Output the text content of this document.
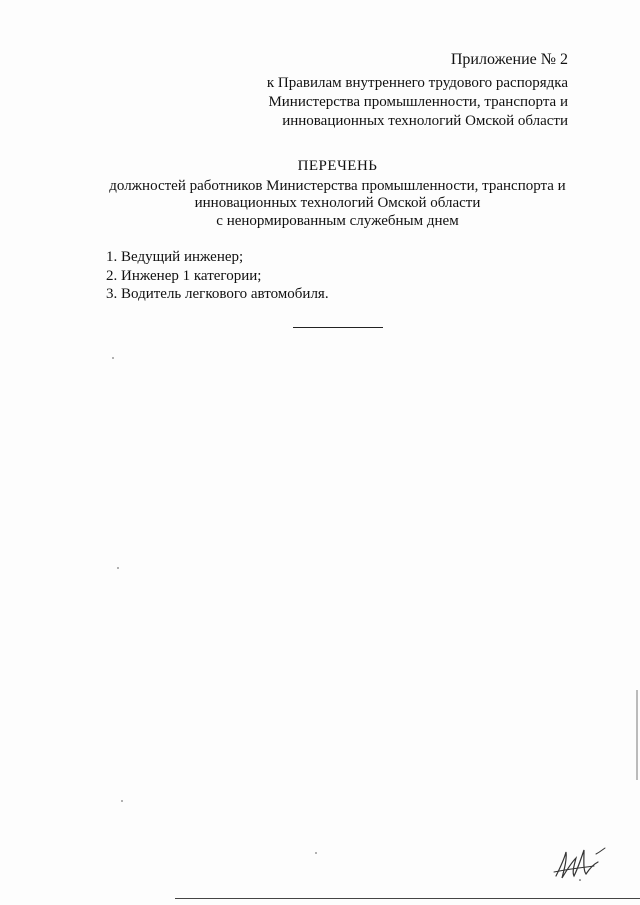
Приложение № 2
к Правилам внутреннего трудового распорядка
Министерства промышленности, транспорта и
инновационных технологий Омской области
ПЕРЕЧЕНЬ
должностей работников Министерства промышленности, транспорта и
инновационных технологий Омской области
с ненормированным служебным днем
1. Ведущий инженер;
2. Инженер 1 категории;
3. Водитель легкового автомобиля.
